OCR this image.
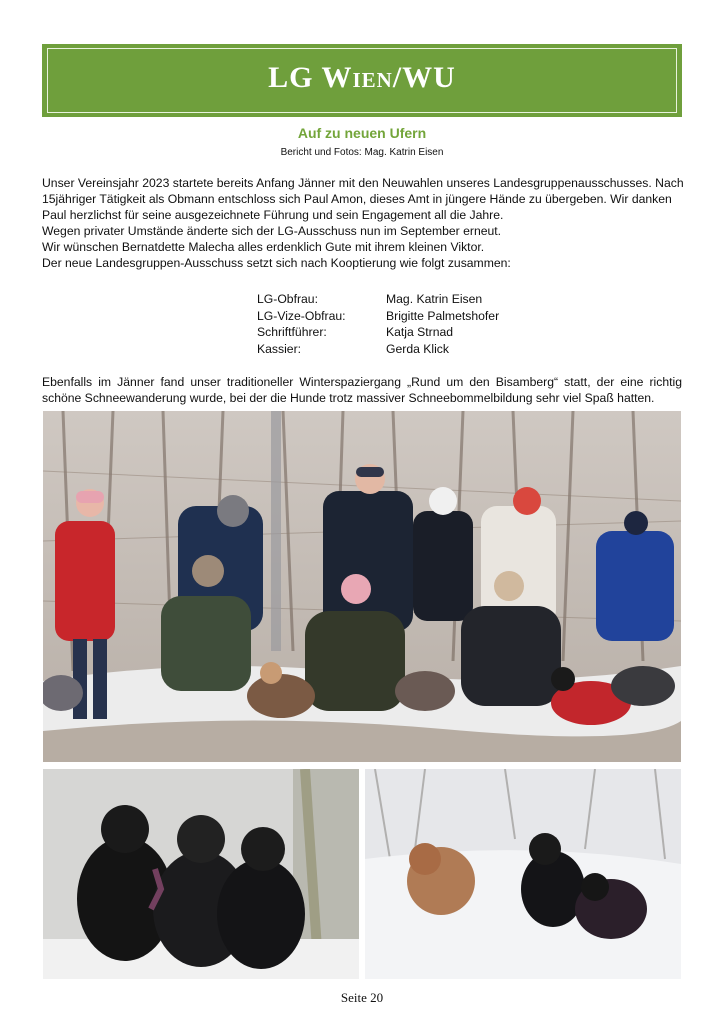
LG Wien/WU
Auf zu neuen Ufern
Bericht und Fotos: Mag. Katrin Eisen
Unser Vereinsjahr 2023 startete bereits Anfang Jänner mit den Neuwahlen unseres Landesgruppenausschusses. Nach
15jähriger Tätigkeit als Obmann entschloss sich Paul Amon, dieses Amt in jüngere Hände zu übergeben. Wir danken
Paul herzlichst für seine ausgezeichnete Führung und sein Engagement all die Jahre.
Wegen privater Umstände änderte sich der LG-Ausschuss nun im September erneut.
Wir wünschen Bernatdette Malecha alles erdenklich Gute mit ihrem kleinen Viktor.
Der neue Landesgruppen-Ausschuss setzt sich nach Kooptierung wie folgt zusammen:
LG-Obfrau:	Mag. Katrin Eisen
LG-Vize-Obfrau:	Brigitte Palmetshofer
Schriftführer:	Katja Strnad
Kassier:	Gerda Klick

Ebenfalls im Jänner fand unser traditioneller Winterspaziergang „Rund um den Bisamberg“ statt, der eine richtig schöne Schneewanderung wurde, bei der die Hunde trotz massiver Schneebommelbildung sehr viel Spaß hatten.

Seite 20
